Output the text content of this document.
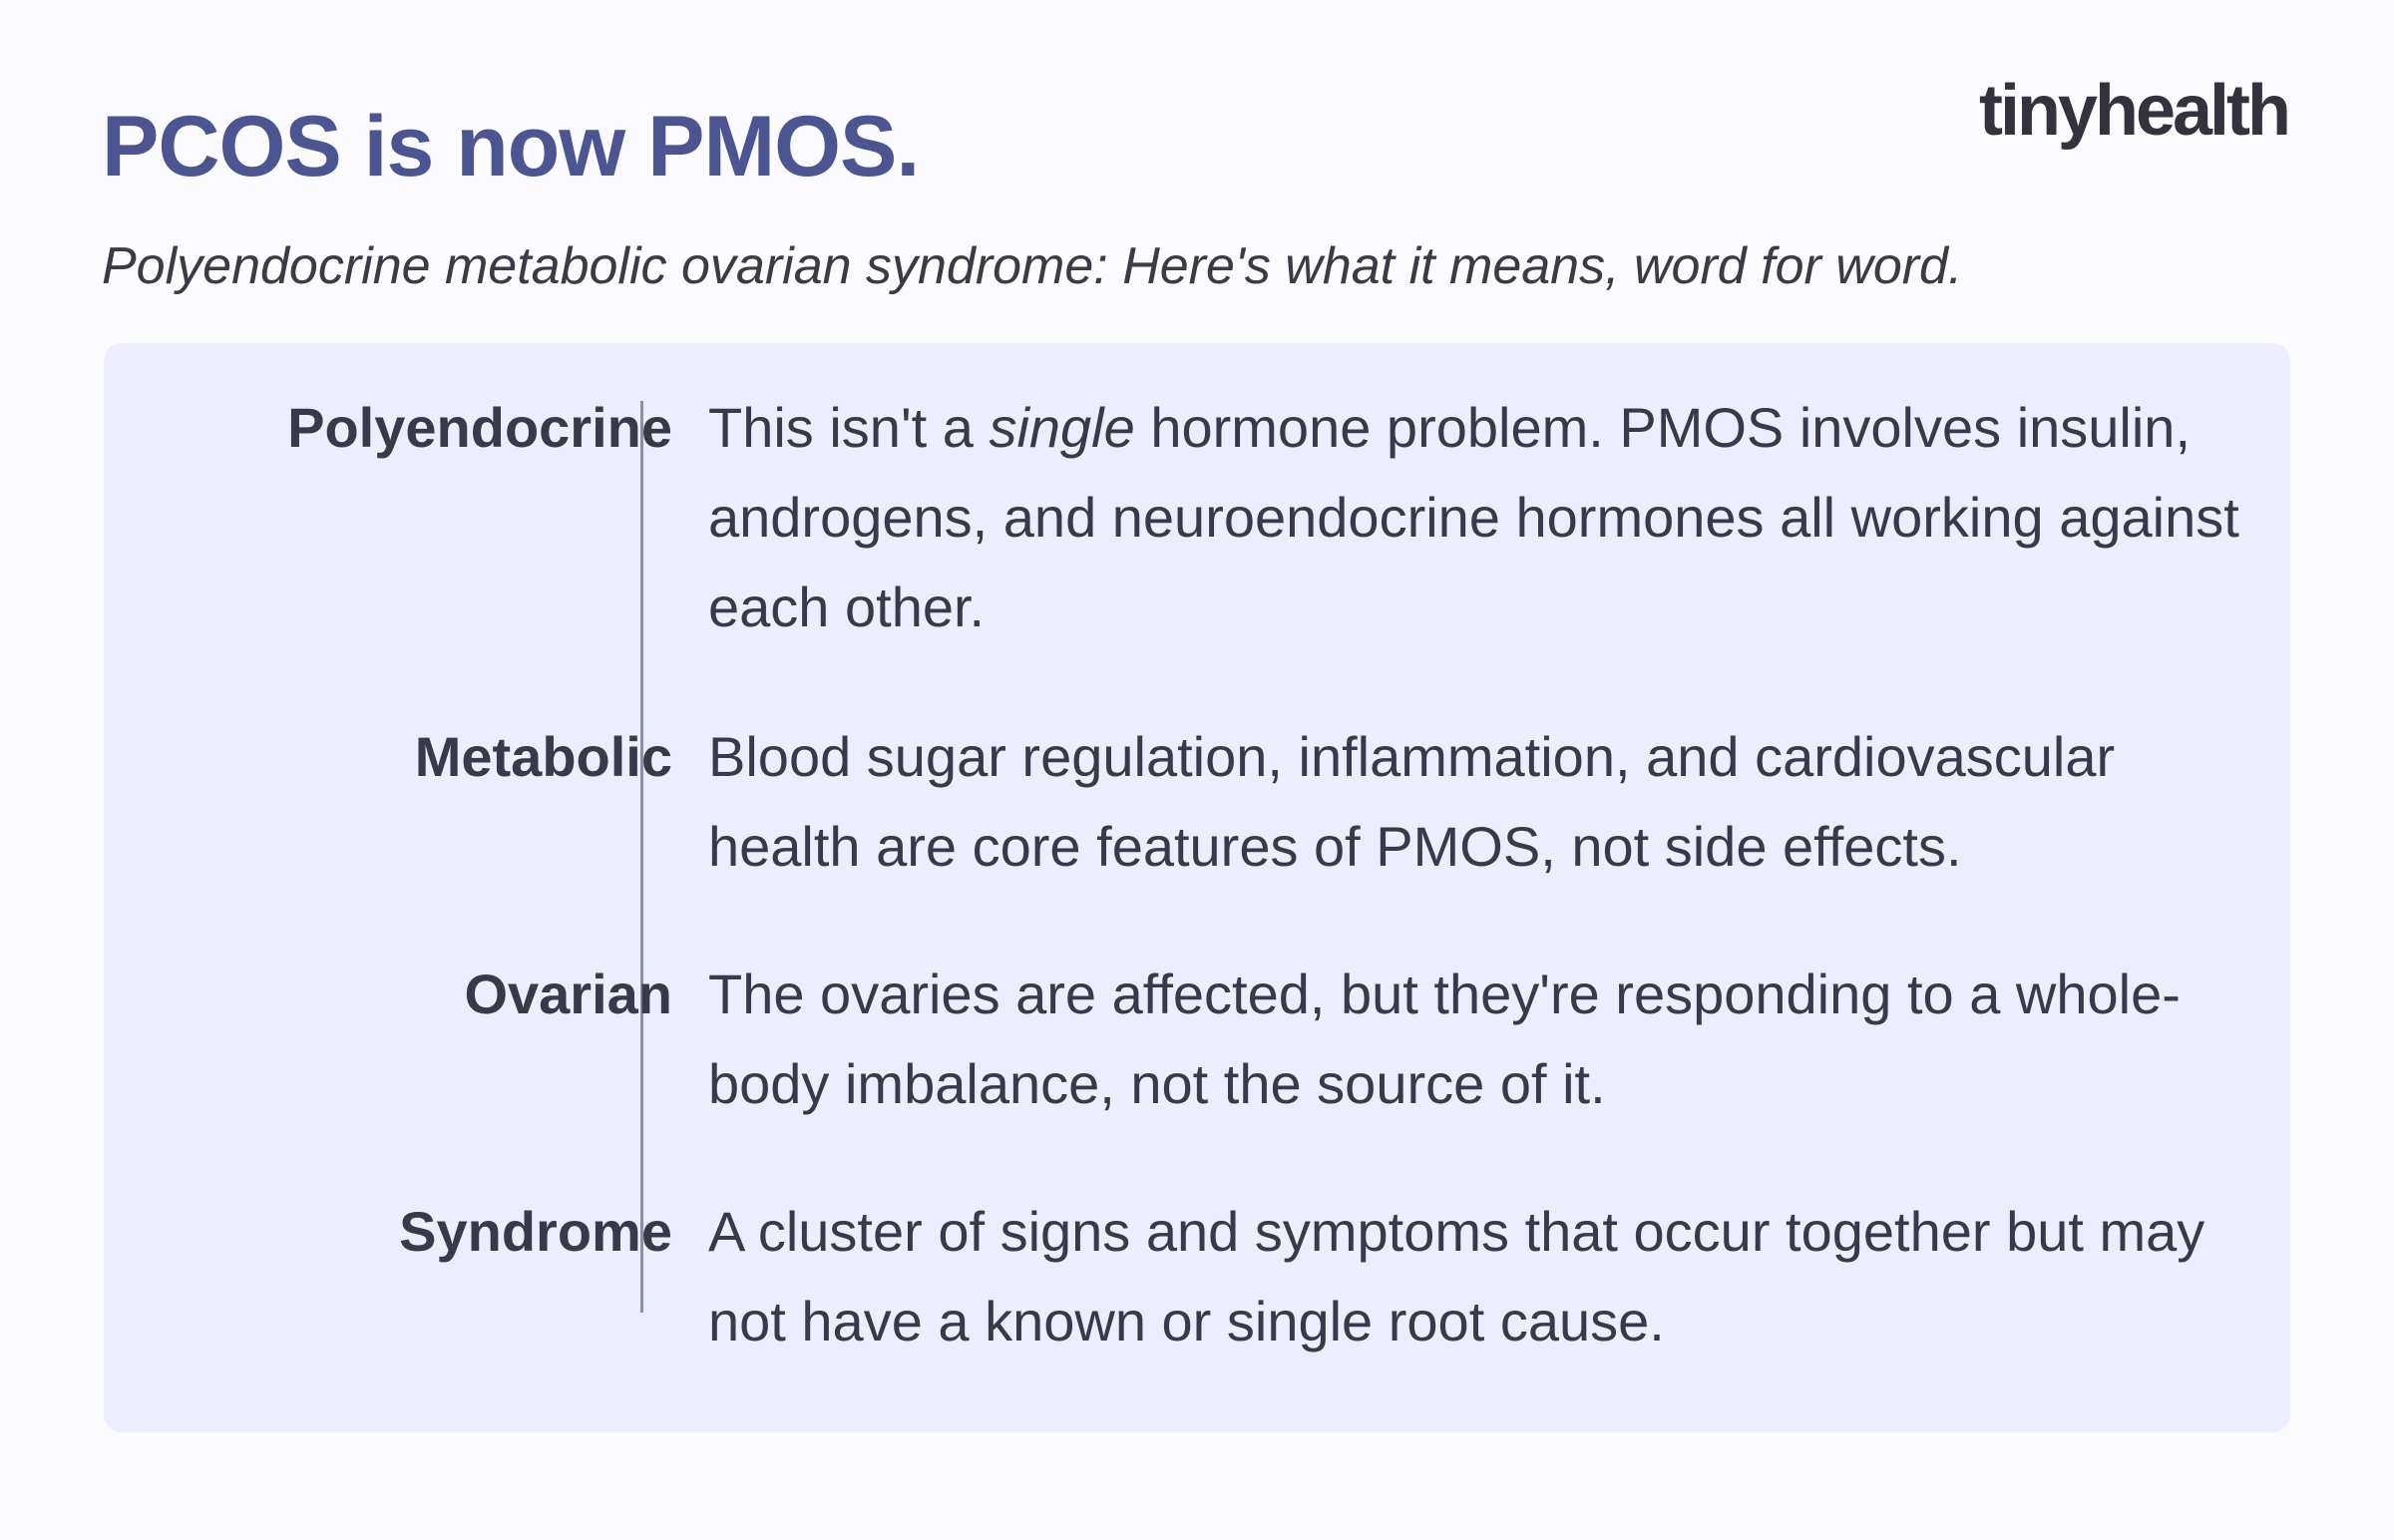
PCOS is now PMOS.	tinyhealth

Polyendocrine metabolic ovarian syndrome: Here's what it means, word for word.

Polyendocrine This isn't a single hormone problem. PMOS involves insulin, androgens, and neuroendocrine hormones all working against each other.
Metabolic Blood sugar regulation, inflammation, and cardiovascular health are core features of PMOS, not side effects.
Ovarian The ovaries are affected, but they're responding to a whole-body imbalance, not the source of it.
Syndrome A cluster of signs and symptoms that occur together but may not have a known or single root cause.
